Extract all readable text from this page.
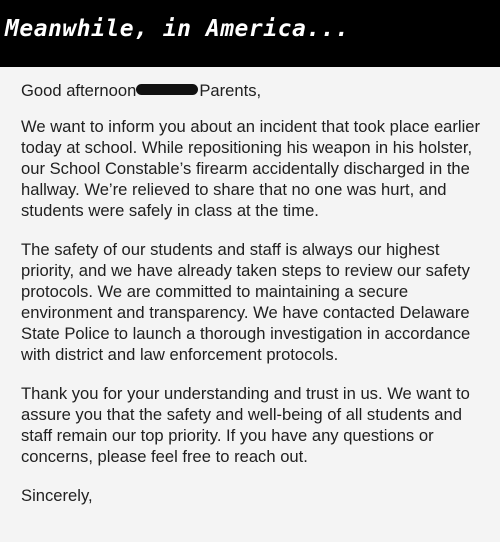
Meanwhile, in America...
Good afternoon	Parents,

We want to inform you about an incident that took place earlier today at school. While repositioning his weapon in his holster, our School Constable’s firearm accidentally discharged in the hallway. We’re relieved to share that no one was hurt, and students were safely in class at the time.

The safety of our students and staff is always our highest priority, and we have already taken steps to review our safety protocols. We are committed to maintaining a secure environment and transparency. We have contacted Delaware State Police to launch a thorough investigation in accordance with district and law enforcement protocols.

Thank you for your understanding and trust in us. We want to assure you that the safety and well-being of all students and staff remain our top priority. If you have any questions or concerns, please feel free to reach out.

Sincerely,
